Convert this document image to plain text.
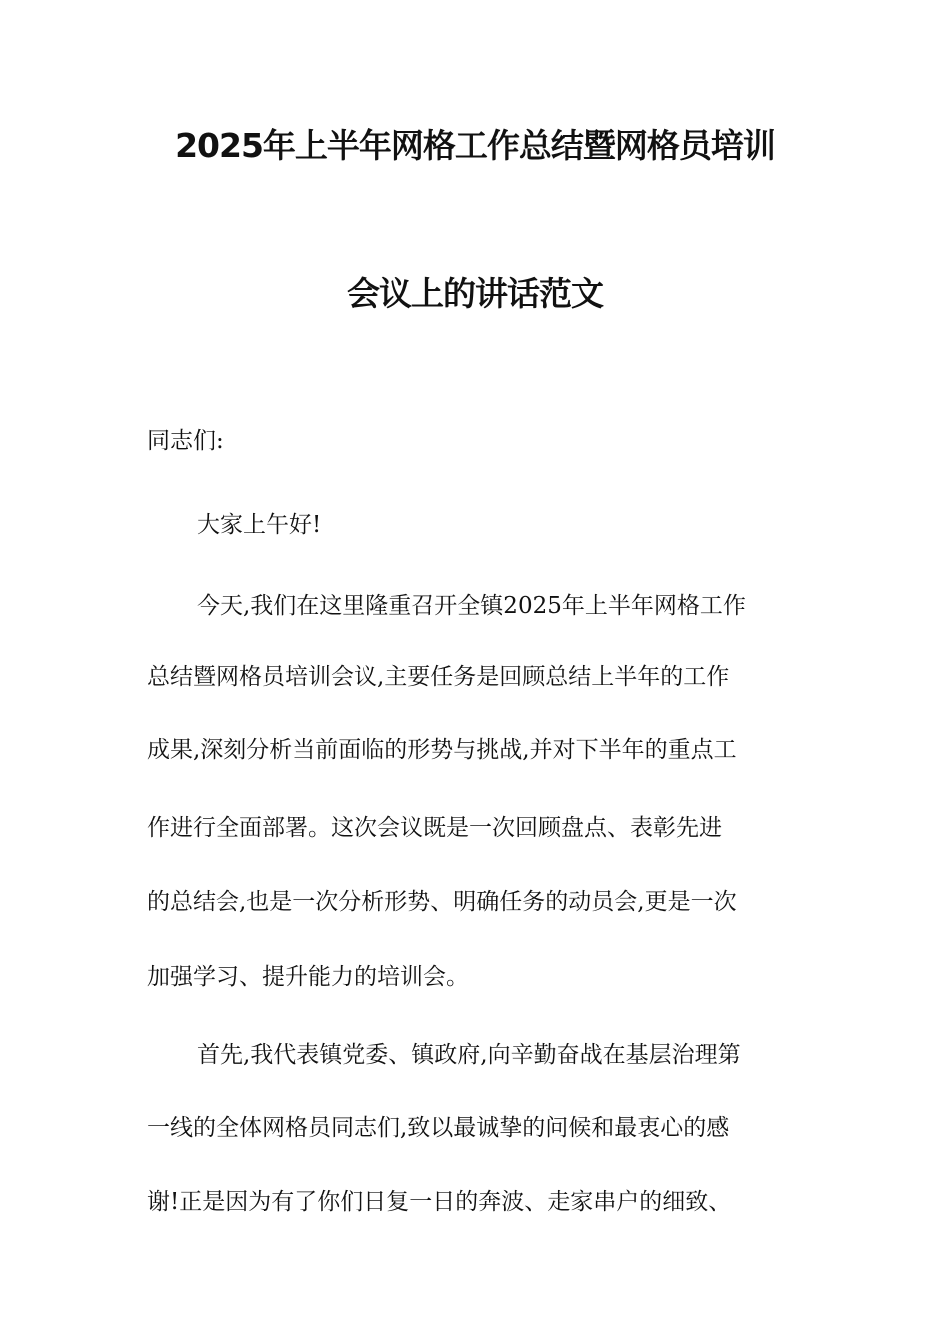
2025年上半年网格工作总结暨网格员培训
会议上的讲话范文
同志们:
大家上午好!
今天,我们在这里隆重召开全镇2025年上半年网格工作
总结暨网格员培训会议,主要任务是回顾总结上半年的工作
成果,深刻分析当前面临的形势与挑战,并对下半年的重点工
作进行全面部署。这次会议既是一次回顾盘点、表彰先进
的总结会,也是一次分析形势、明确任务的动员会,更是一次
加强学习、提升能力的培训会。
首先,我代表镇党委、镇政府,向辛勤奋战在基层治理第
一线的全体网格员同志们,致以最诚挚的问候和最衷心的感
谢!正是因为有了你们日复一日的奔波、走家串户的细致、
